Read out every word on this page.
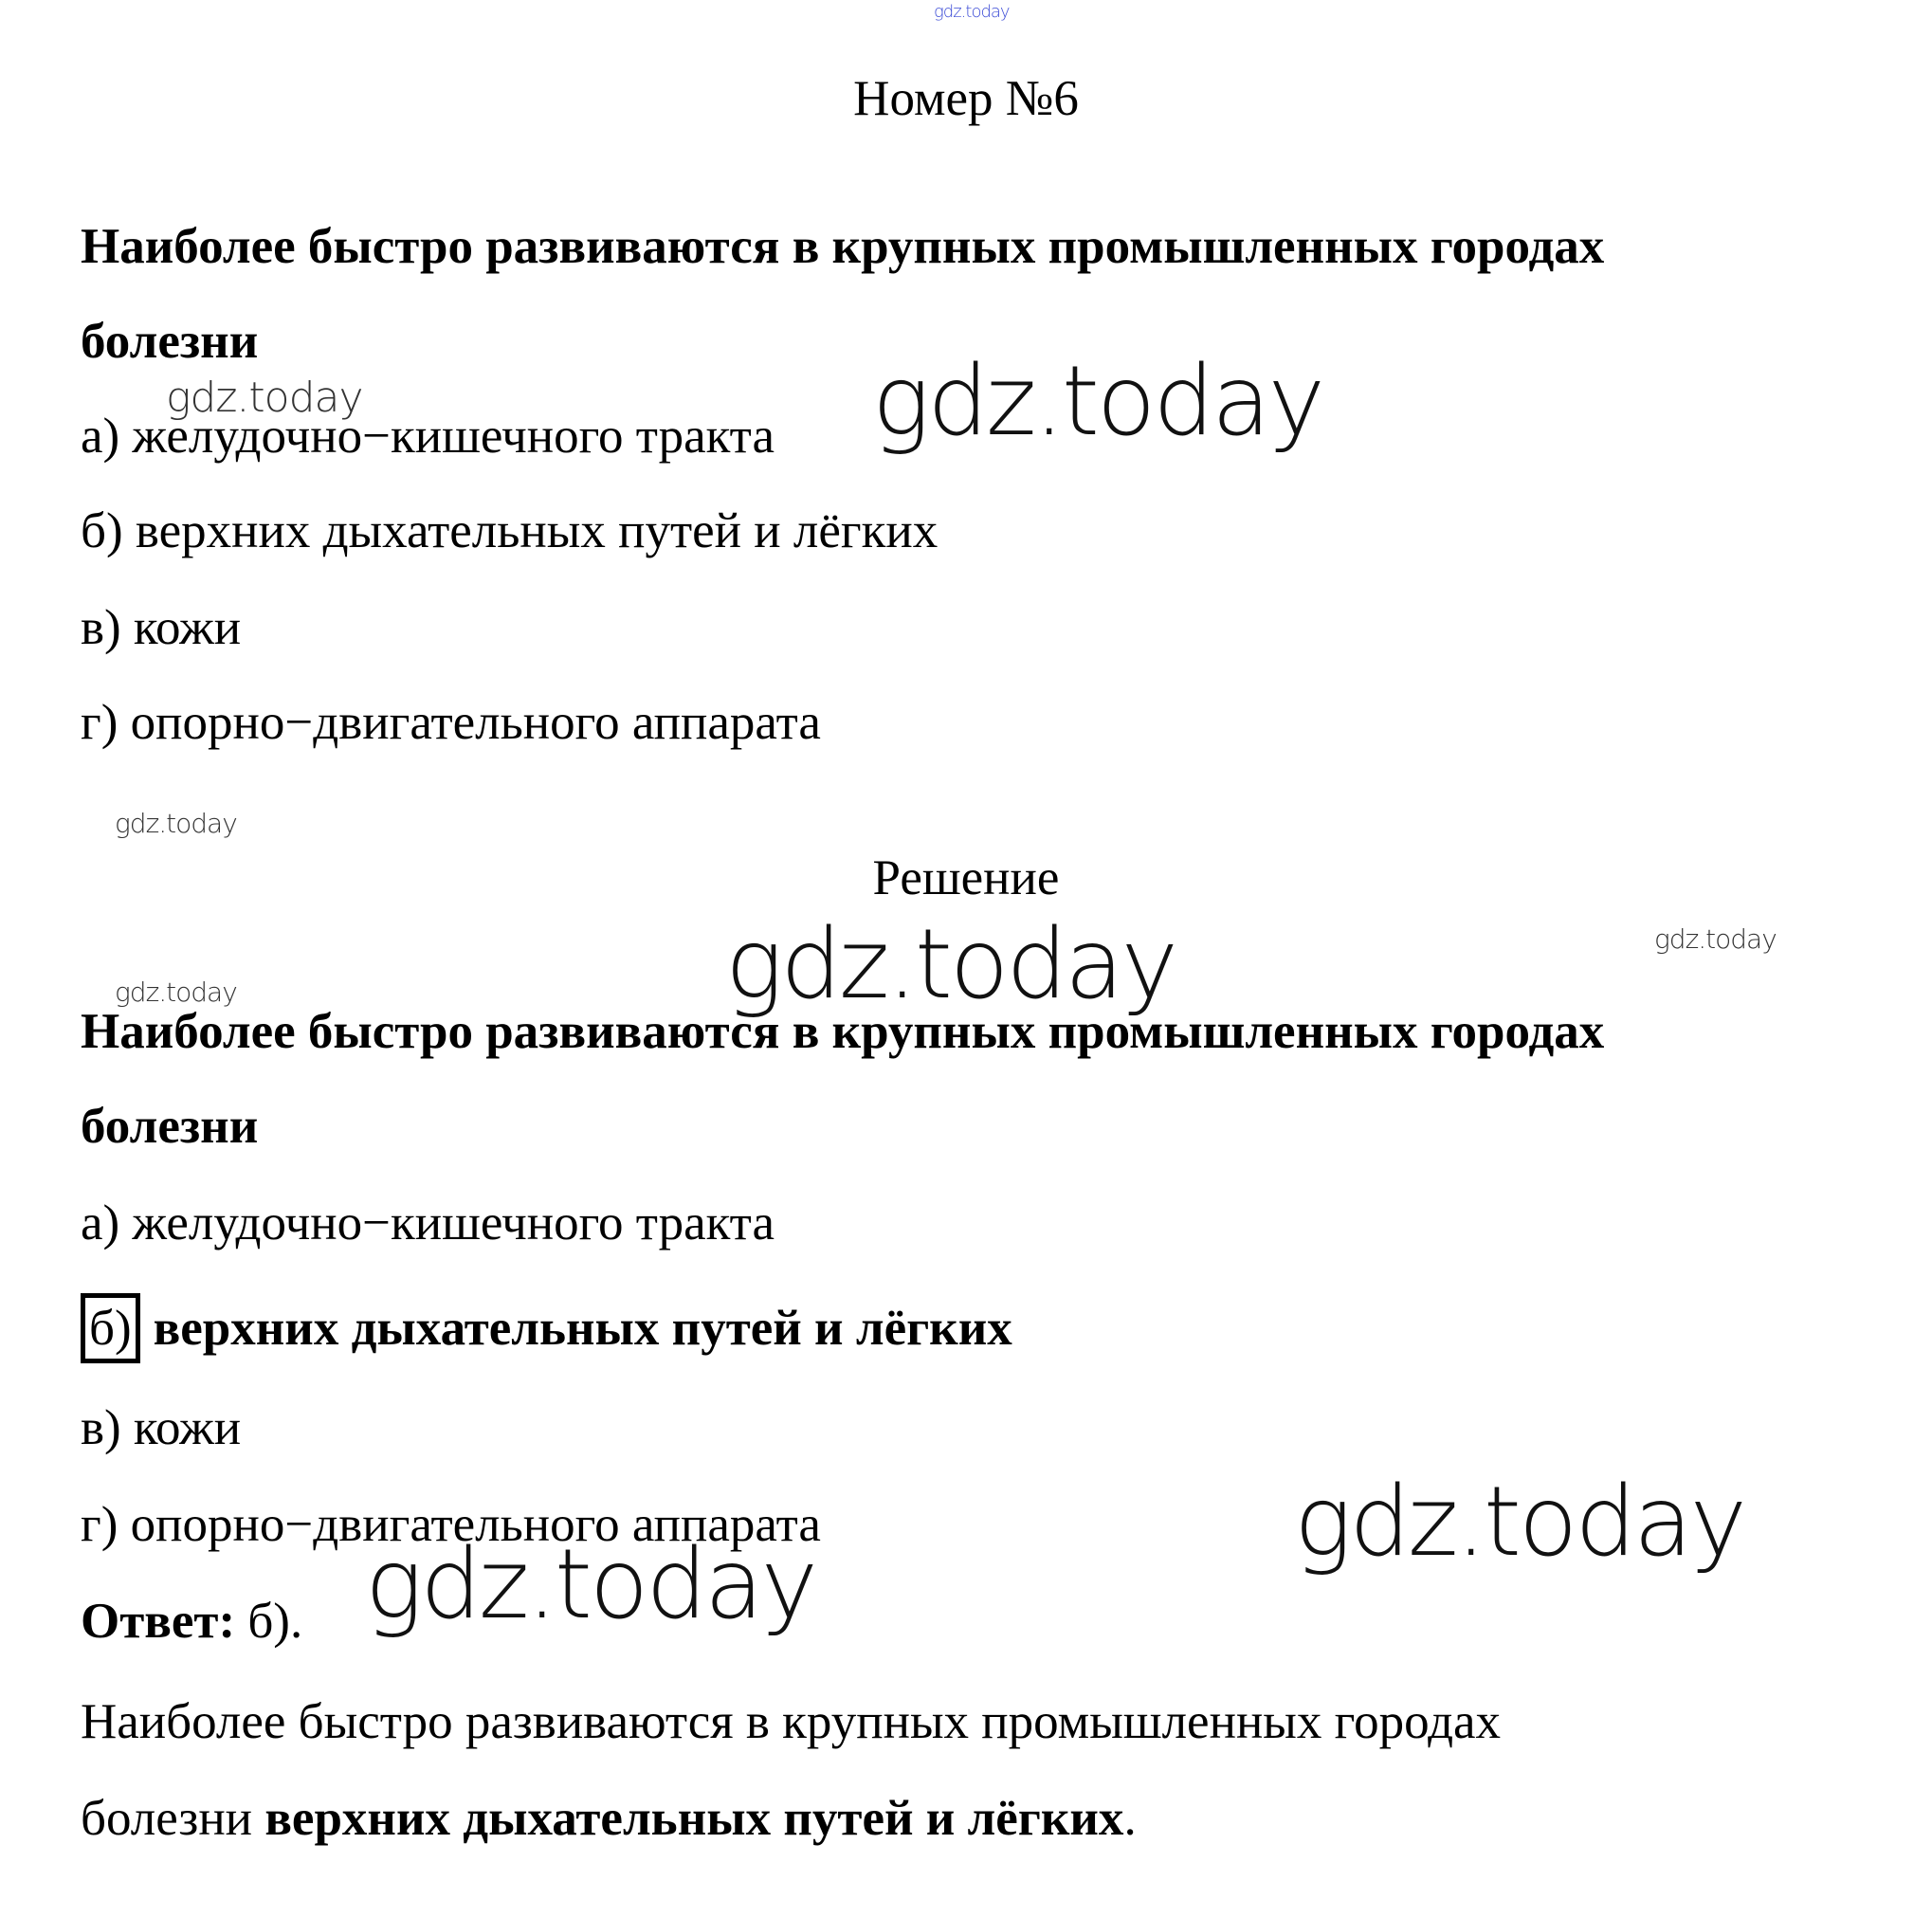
gdz.today
gdz.today	gdz.today
gdz.today
gdz.today
gdz.today	gdz.today
gdz.today
gdz.today
Номер №6
Наиболее быстро развиваются в крупных промышленных городах
болезни
а) желудочно−кишечного тракта
б) верхних дыхательных путей и лёгких
в) кожи
г) опорно−двигательного аппарата
Решение
Наиболее быстро развиваются в крупных промышленных городах
болезни
а) желудочно−кишечного тракта
б) верхних дыхательных путей и лёгких
в) кожи
г) опорно−двигательного аппарата
Ответ: б).
Наиболее быстро развиваются в крупных промышленных городах
болезни верхних дыхательных путей и лёгких.
